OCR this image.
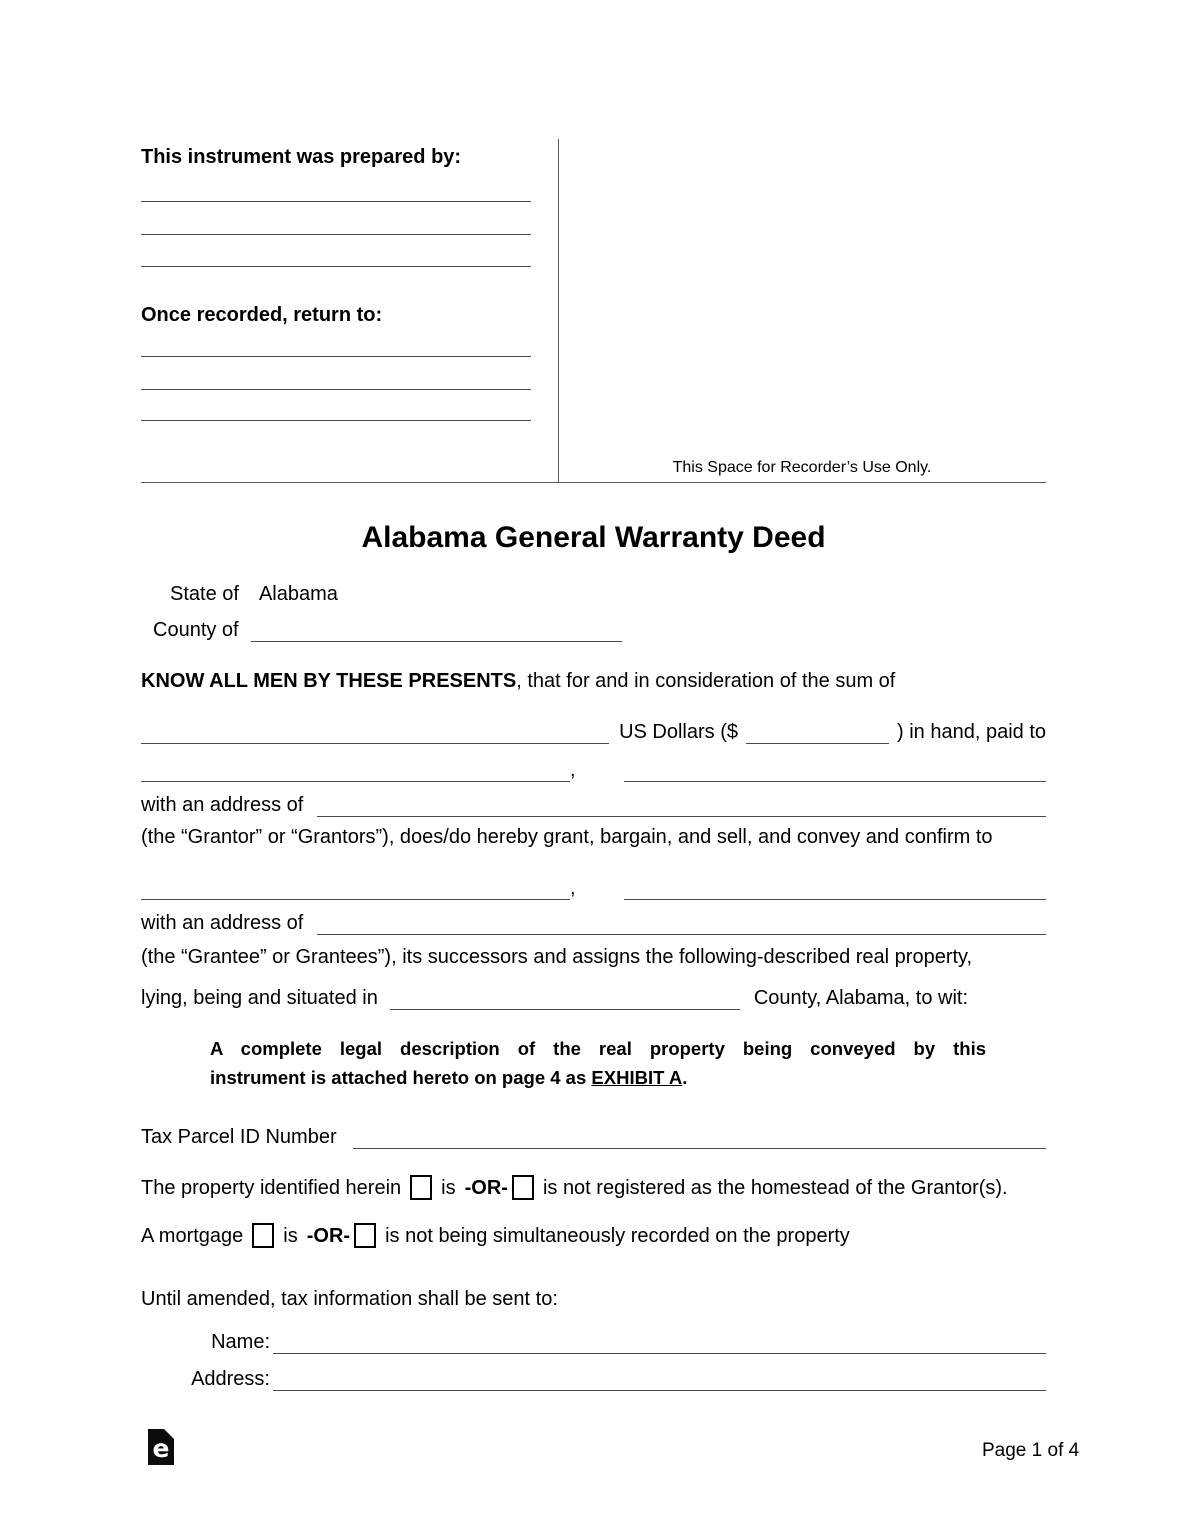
This instrument was prepared by:
Once recorded, return to:
This Space for Recorder’s Use Only.
Alabama General Warranty Deed
State of Alabama
County of
KNOW ALL MEN BY THESE PRESENTS, that for and in consideration of the sum of
US Dollars ($	) in hand, paid to
,
with an address of
(the “Grantor” or “Grantors”), does/do hereby grant, bargain, and sell, and convey and confirm to
,
with an address of
(the “Grantee” or Grantees”), its successors and assigns the following-described real property,
lying, being and situated in	County, Alabama, to wit:
A complete legal description of the real property being conveyed by this
instrument is attached hereto on page 4 as EXHIBIT A.
Tax Parcel ID Number
The property identified herein is -OR- is not registered as the homestead of the Grantor(s).
A mortgage is -OR- is not being simultaneously recorded on the property
Until amended, tax information shall be sent to:
Name:
Address:
e	Page 1 of 4
